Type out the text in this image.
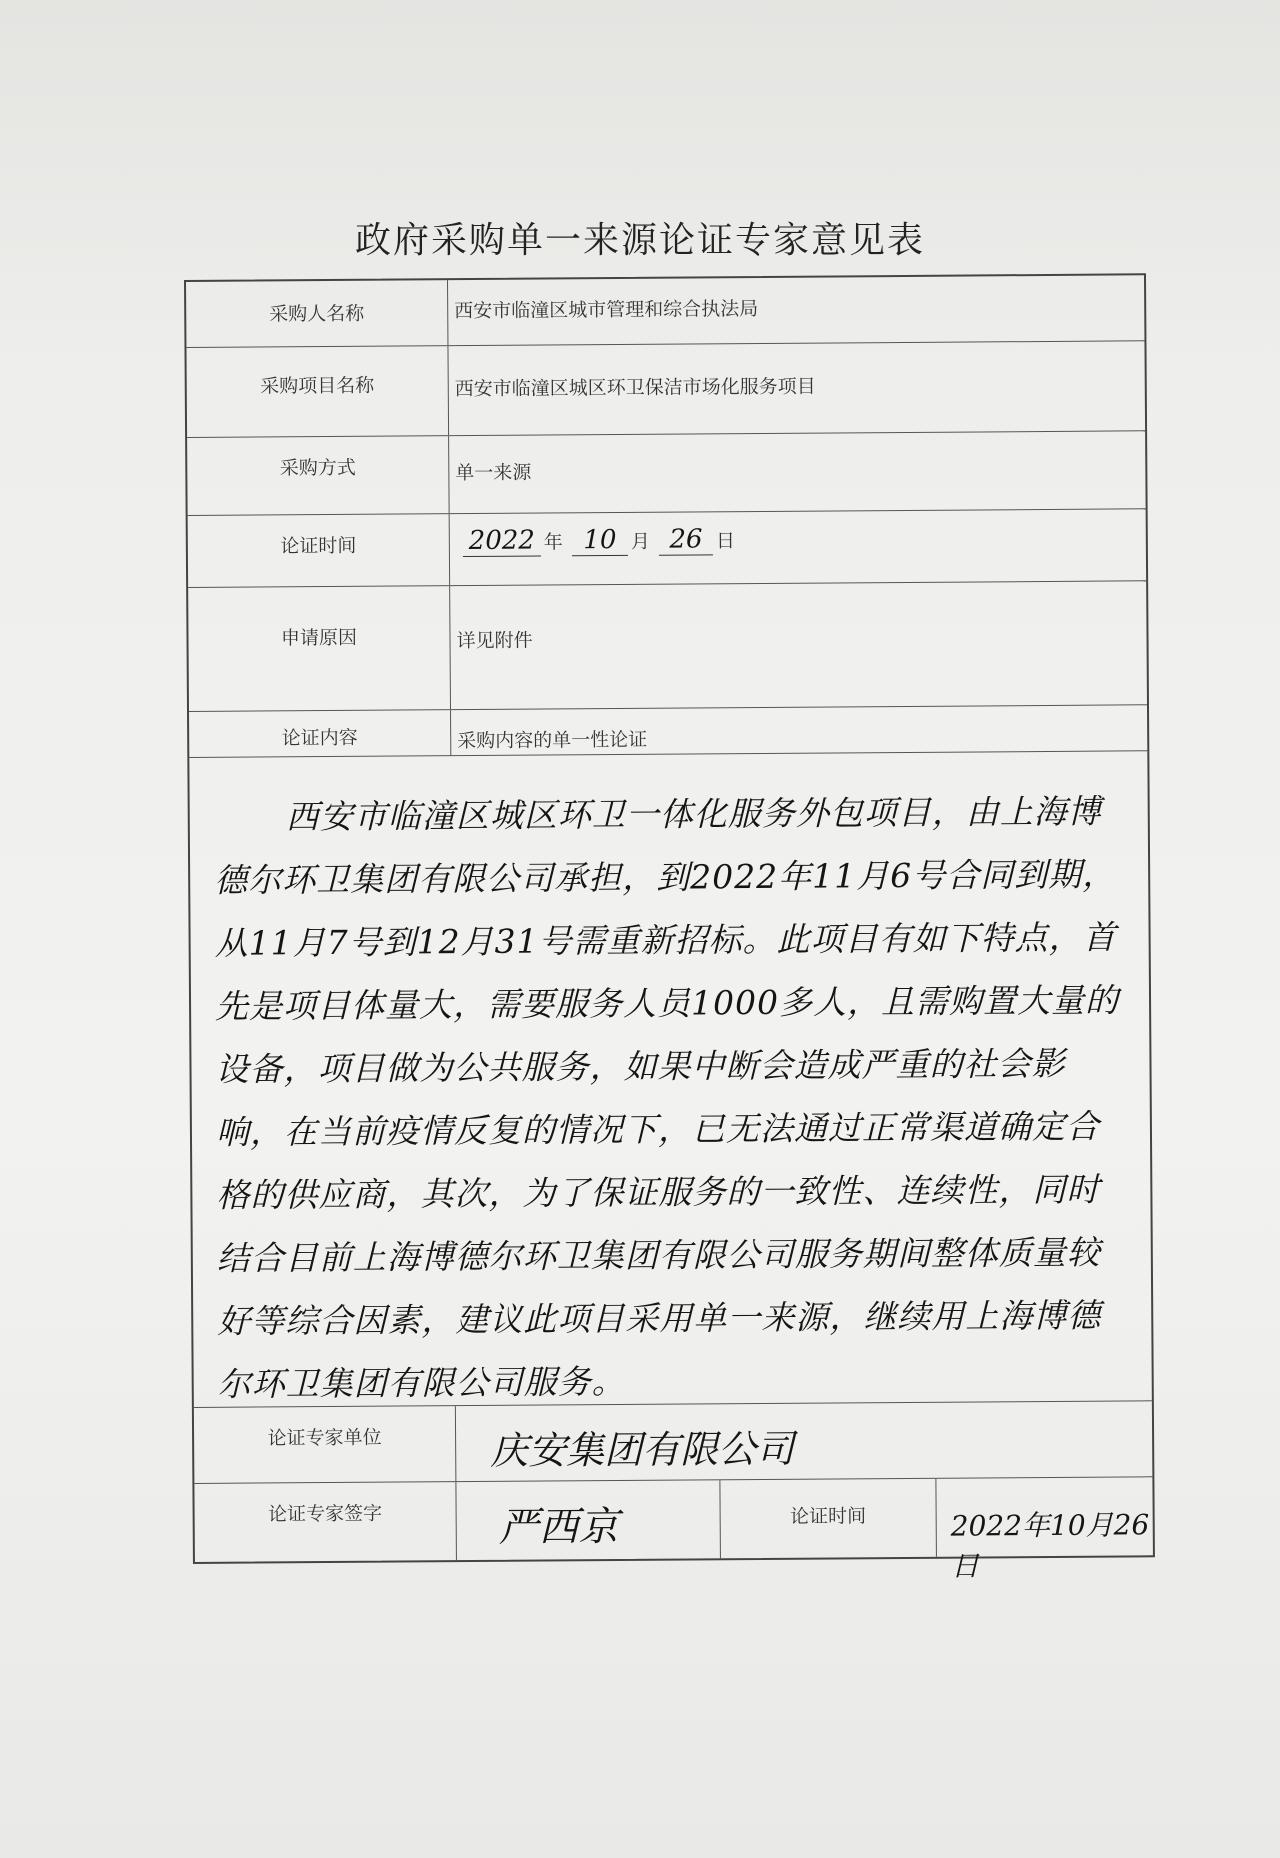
政府采购单一来源论证专家意见表
采购人名称	西安市临潼区城市管理和综合执法局
采购项目名称	西安市临潼区城区环卫保洁市场化服务项目
采购方式	单一来源
论证时间	2022 年 10 月 26 日
申请原因	详见附件
论证内容	采购内容的单一性论证
西安市临潼区城区环卫一体化服务外包项目，由上海博德尔环卫集团有限公司承担，到2022年11月6号合同到期，从11月7号到12月31号需重新招标。此项目有如下特点，首先是项目体量大，需要服务人员1000多人，且需购置大量的设备，项目做为公共服务，如果中断会造成严重的社会影响，在当前疫情反复的情况下，已无法通过正常渠道确定合格的供应商，其次，为了保证服务的一致性、连续性，同时结合目前上海博德尔环卫集团有限公司服务期间整体质量较好等综合因素，建议此项目采用单一来源，继续用上海博德尔环卫集团有限公司服务。
论证专家单位	庆安集团有限公司
论证专家签字	严西京	论证时间	2022年10月26日
